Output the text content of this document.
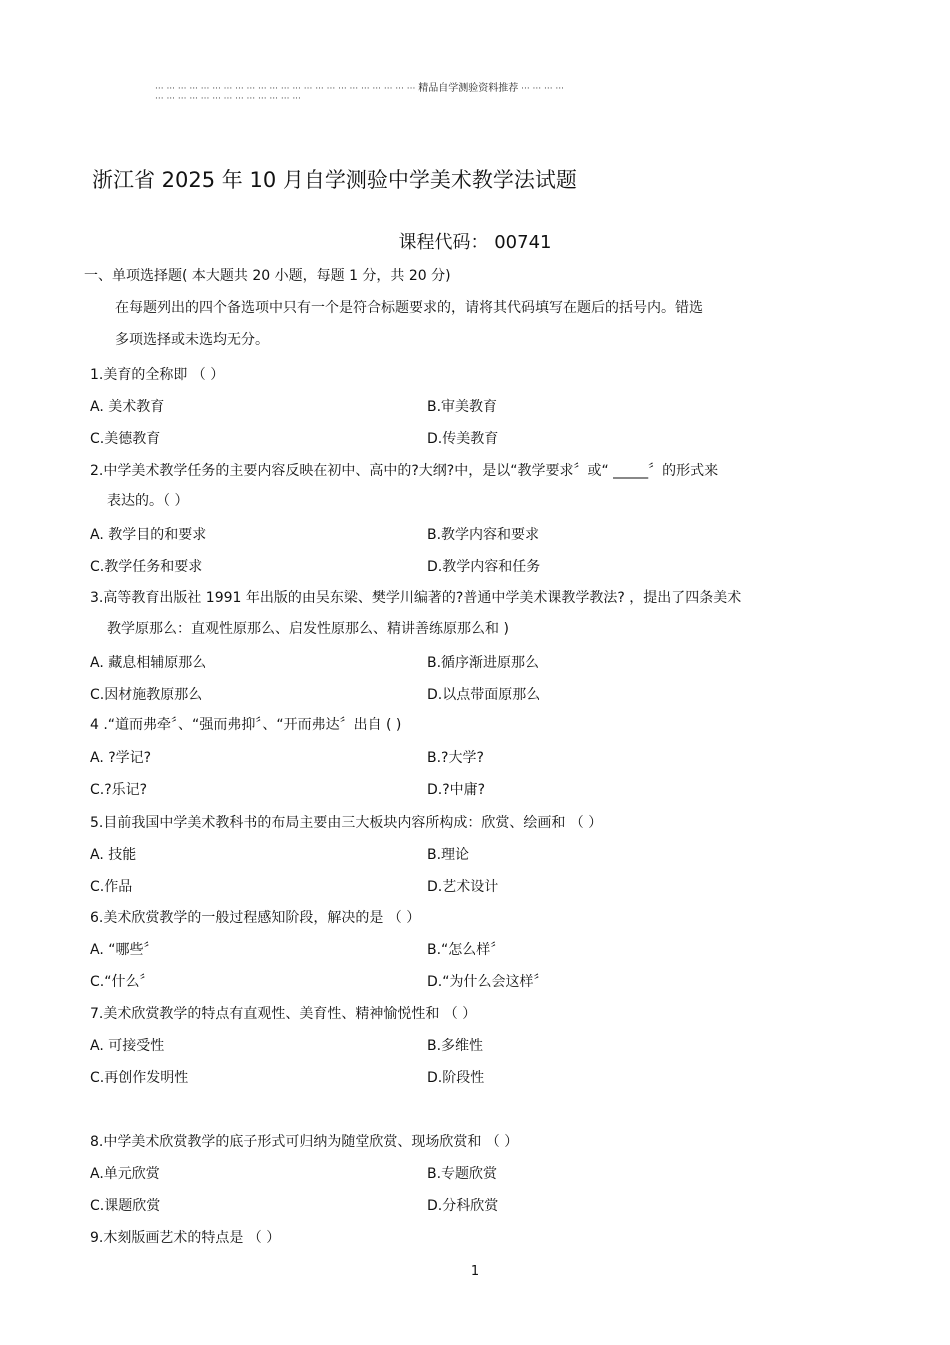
··· ··· ··· ··· ··· ··· ··· ··· ··· ··· ··· ··· ··· ··· ··· ··· ··· ··· ··· ··· ··· ··· ··· 精品自学测验资料推荐 ··· ··· ··· ···
··· ··· ··· ··· ··· ··· ··· ··· ··· ··· ··· ··· ···
浙江省 2025 年 10 月自学测验中学美术教学法试题
课程代码： 00741
一、单项选择题( 本大题共 20 小题，每题 1 分，共 20 分)
在每题列出的四个备选项中只有一个是符合标题要求的，请将其代码填写在题后的括号内。错选
多项选择或未选均无分。
1.美育的全称即 （ ）
A. 美术教育	B.审美教育
C.美德教育	D.传美教育
2.中学美术教学任务的主要内容反映在初中、高中的?大纲?中，是以“教学要求〞或“ _____〞的形式来
表达的。（ ）
A. 教学目的和要求	B.教学内容和要求
C.教学任务和要求	D.教学内容和任务
3.高等教育出版社 1991 年出版的由吴东梁、樊学川编著的?普通中学美术课教学教法? ，提出了四条美术
教学原那么：直观性原那么、启发性原那么、精讲善练原那么和 )
A. 藏息相辅原那么	B.循序渐进原那么
C.因材施教原那么	D.以点带面原那么
4 .“道而弗牵〞、“强而弗抑〞、“开而弗达〞出自 ( )
A. ?学记?	B.?大学?
C.?乐记?	D.?中庸?
5.目前我国中学美术教科书的布局主要由三大板块内容所构成：欣赏、绘画和 （ ）
A. 技能	B.理论
C.作品	D.艺术设计
6.美术欣赏教学的一般过程感知阶段，解决的是 （ ）
A. “哪些〞	B.“怎么样〞
C.“什么〞	D.“为什么会这样〞
7.美术欣赏教学的特点有直观性、美育性、精神愉悦性和 （ ）
A. 可接受性	B.多维性
C.再创作发明性	D.阶段性
8.中学美术欣赏教学的底子形式可归纳为随堂欣赏、现场欣赏和 （ ）
A.单元欣赏	B.专题欣赏
C.课题欣赏	D.分科欣赏
9.木刻版画艺术的特点是 （ ）
1
